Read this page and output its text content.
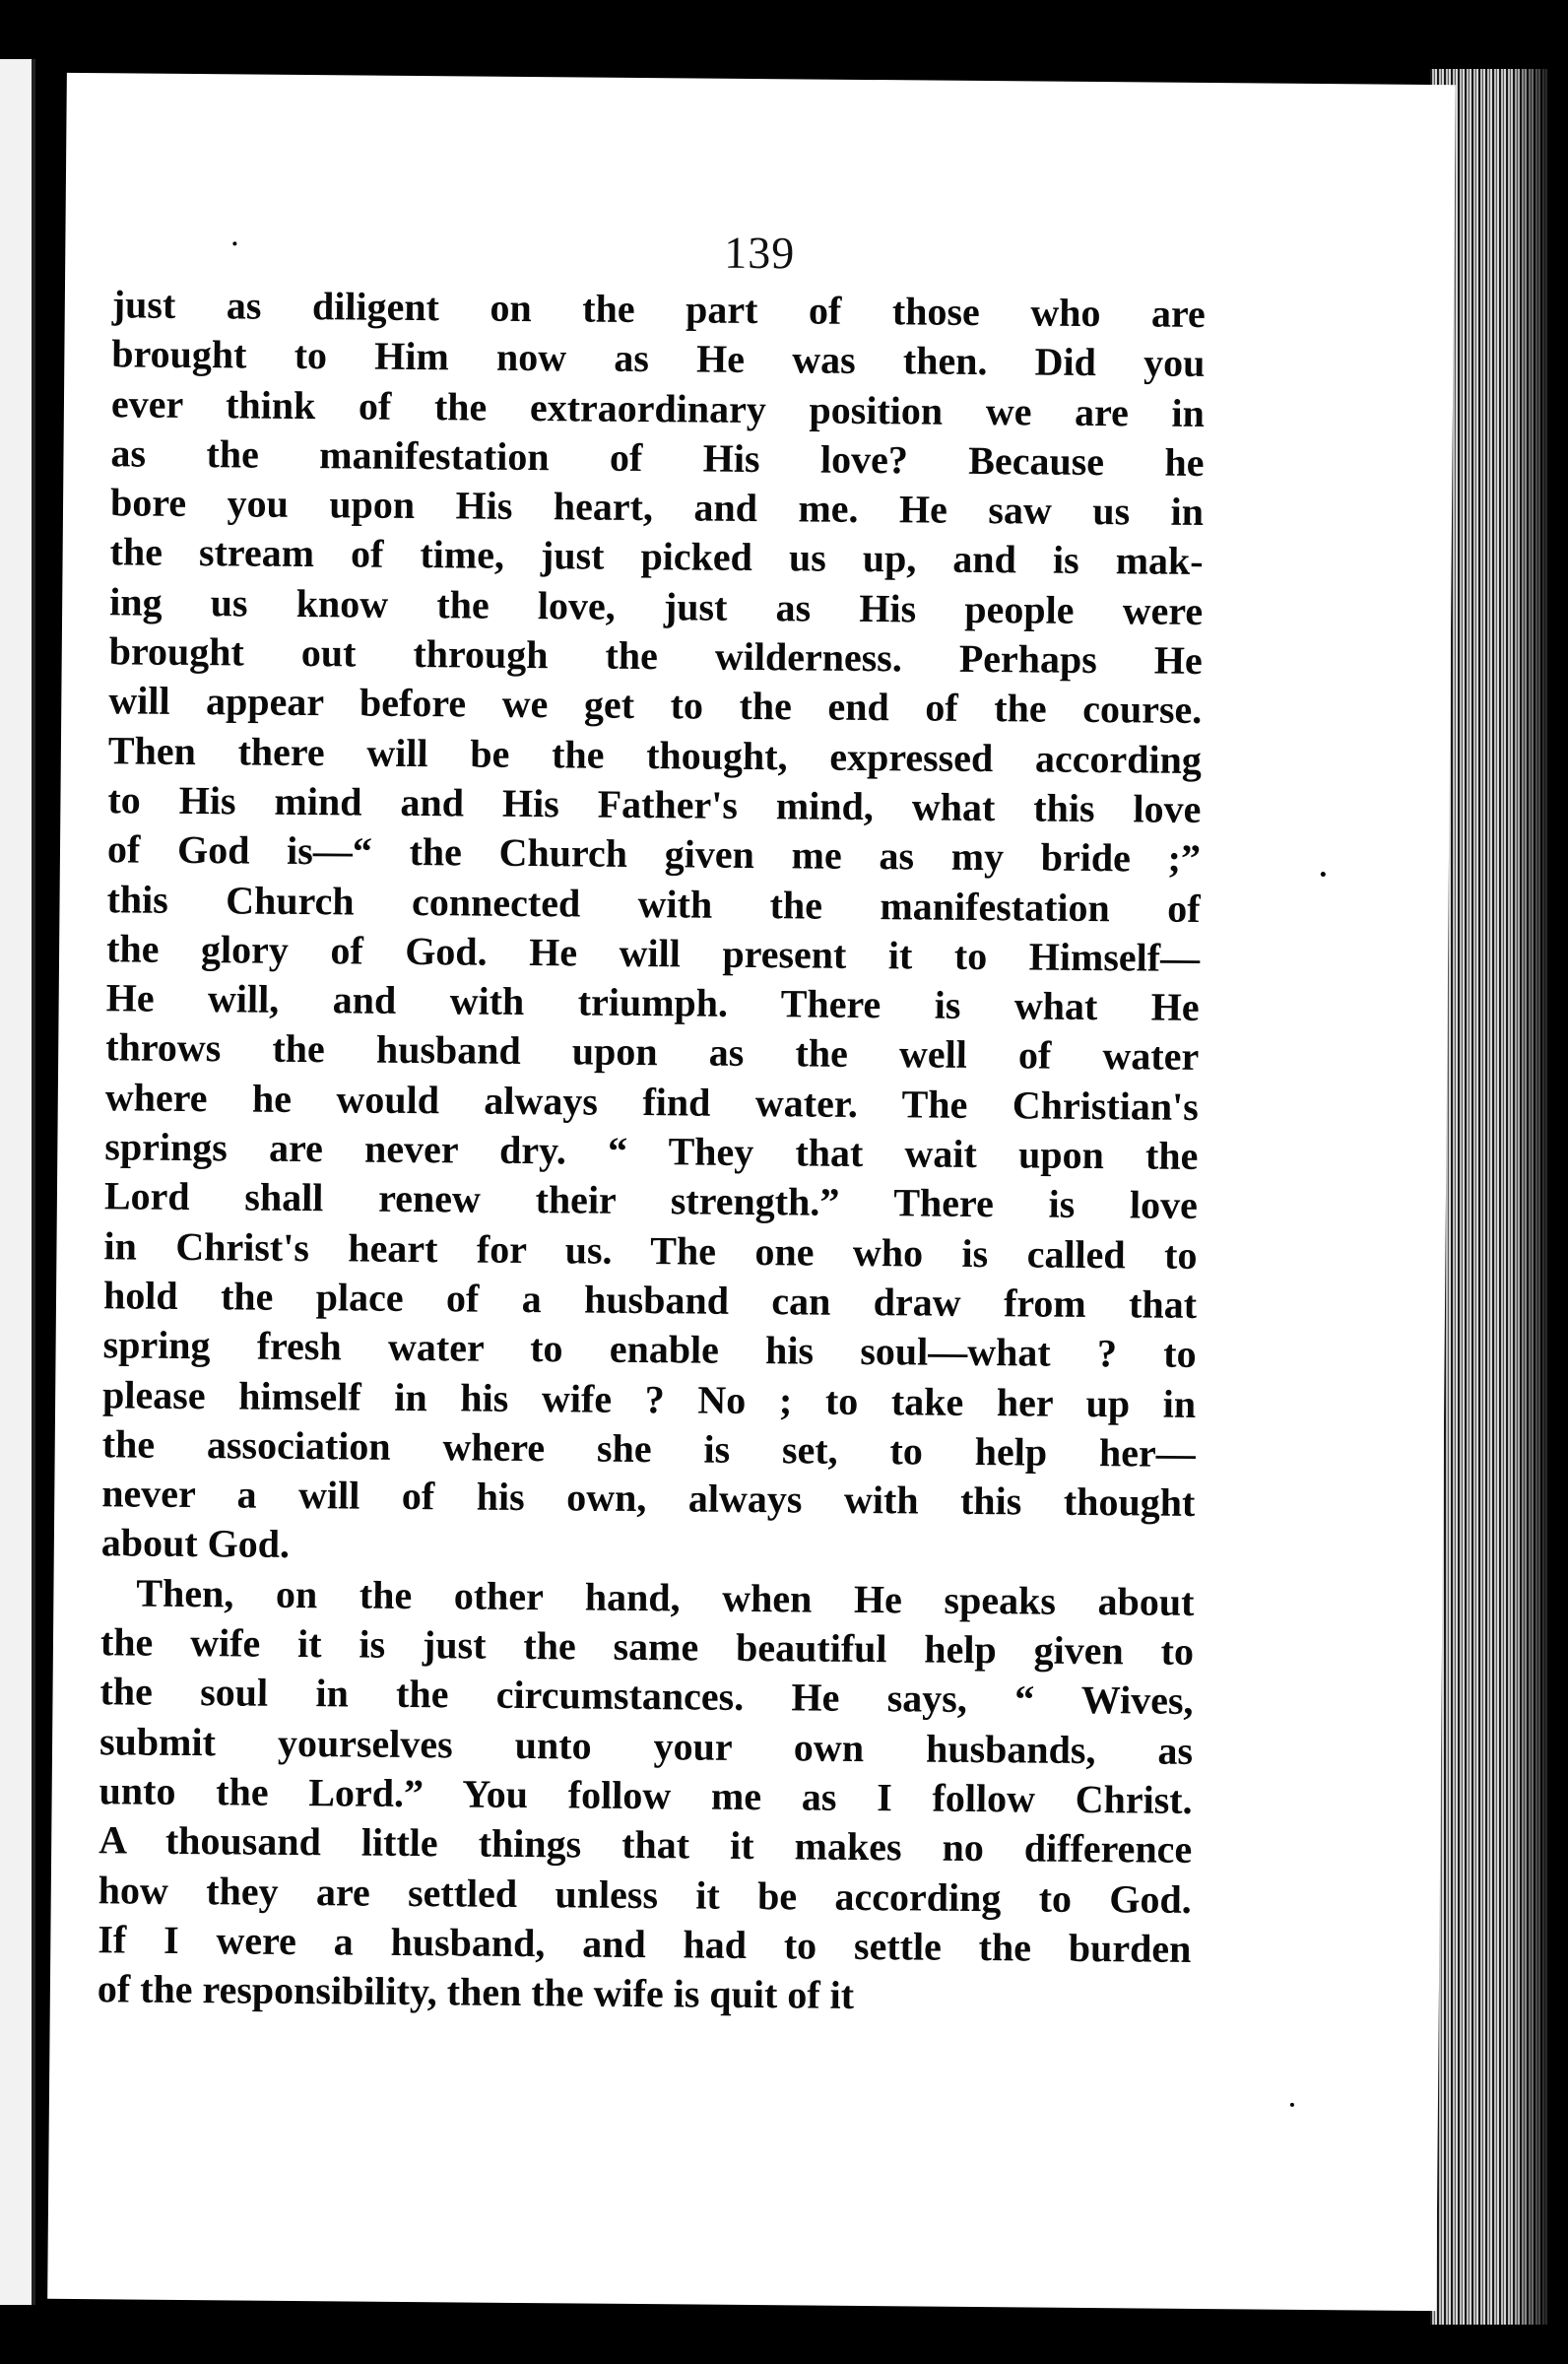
139
just as diligent on the part of those who are
brought to Him now as He was then. Did you
ever think of the extraordinary position we are in
as the manifestation of His love? Because he
bore you upon His heart, and me. He saw us in
the stream of time, just picked us up, and is mak-
ing us know the love, just as His people were
brought out through the wilderness. Perhaps He
will appear before we get to the end of the course.
Then there will be the thought, expressed according
to His mind and His Father's mind, what this love
of God is—“ the Church given me as my bride ;”
this Church connected with the manifestation of
the glory of God. He will present it to Himself—
He will, and with triumph. There is what He
throws the husband upon as the well of water
where he would always find water. The Christian's
springs are never dry. “ They that wait upon the
Lord shall renew their strength.” There is love
in Christ's heart for us. The one who is called to
hold the place of a husband can draw from that
spring fresh water to enable his soul—what ? to
please himself in his wife ? No ; to take her up in
the association where she is set, to help her—
never a will of his own, always with this thought
about God.
Then, on the other hand, when He speaks about
the wife it is just the same beautiful help given to
the soul in the circumstances. He says, “ Wives,
submit yourselves unto your own husbands, as
unto the Lord.” You follow me as I follow Christ.
A thousand little things that it makes no difference
how they are settled unless it be according to God.
If I were a husband, and had to settle the burden
of the responsibility, then the wife is quit of it
